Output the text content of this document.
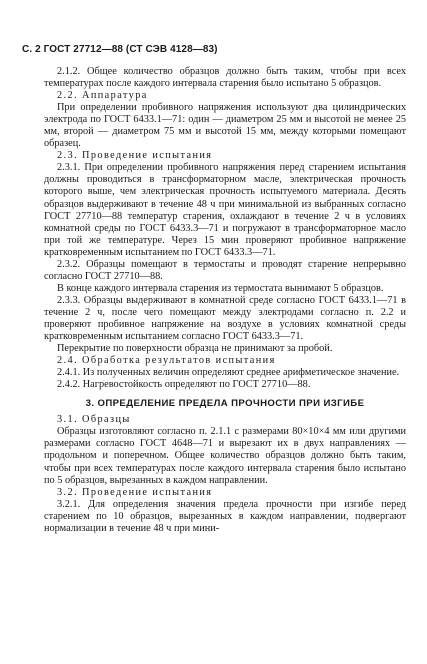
С. 2 ГОСТ 27712—88 (СТ СЭВ 4128—83)

2.1.2. Общее количество образцов должно быть таким, чтобы при всех температурах после каждого интервала старения было испытано 5 образцов.

2.2. Аппаратура

При определении пробивного напряжения используют два цилиндрических электрода по ГОСТ 6433.1—71: один — диаметром 25 мм и высотой не менее 25 мм, второй — диаметром 75 мм и высотой 15 мм, между которыми помещают образец.

2.3. Проведение испытания

2.3.1. При определении пробивного напряжения перед старением испытания должны проводиться в трансформаторном масле, электрическая прочность которого выше, чем электрическая прочность испытуемого материала. Десять образцов выдерживают в течение 48 ч при минимальной из выбранных согласно ГОСТ 27710—88 температур старения, охлаждают в течение 2 ч в условиях комнатной среды по ГОСТ 6433.3—71 и погружают в трансформаторное масло при той же температуре. Через 15 мин проверяют пробивное напряжение кратковременным испытанием по ГОСТ 6433.3—71.

2.3.2. Образцы помещают в термостаты и проводят старение непрерывно согласно ГОСТ 27710—88.

В конце каждого интервала старения из термостата вынимают 5 образцов.

2.3.3. Образцы выдерживают в комнатной среде согласно ГОСТ 6433.1—71 в течение 2 ч, после чего помещают между электродами согласно п. 2.2 и проверяют пробивное напряжение на воздухе в условиях комнатной среды кратковременным испытанием согласно ГОСТ 6433.3—71.

Перекрытие по поверхности образца не принимают за пробой.

2.4. Обработка результатов испытания

2.4.1. Из полученных величин определяют среднее арифметическое значение.

2.4.2. Нагревостойкость определяют по ГОСТ 27710—88.

3. ОПРЕДЕЛЕНИЕ ПРЕДЕЛА ПРОЧНОСТИ ПРИ ИЗГИБЕ

3.1. Образцы

Образцы изготовляют согласно п. 2.1.1 с размерами 80×10×4 мм или другими размерами согласно ГОСТ 4648—71 и вырезают их в двух направлениях — продольном и поперечном. Общее количество образцов должно быть таким, чтобы при всех температурах после каждого интервала старения было испытано по 5 образцов, вырезанных в каждом направлении.

3.2. Проведение испытания

3.2.1. Для определения значения предела прочности при изгибе перед старением по 10 образцов, вырезанных в каждом направлении, подвергают нормализации в течение 48 ч при мини-
